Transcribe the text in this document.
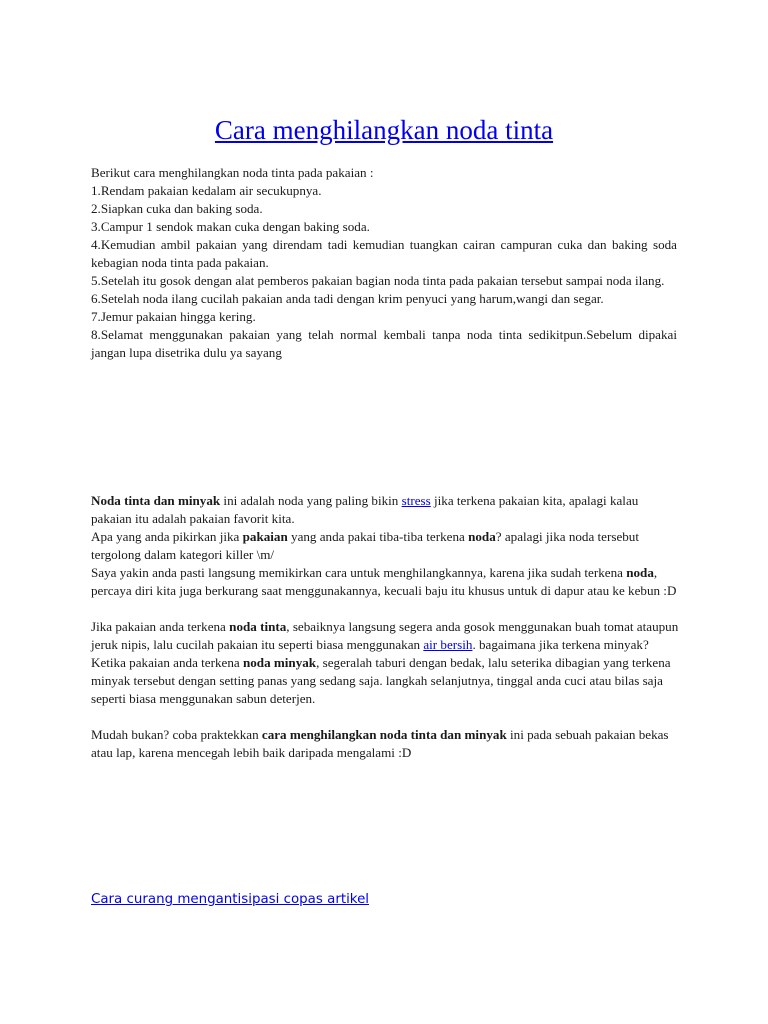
Cara menghilangkan noda tinta

Berikut cara menghilangkan noda tinta pada pakaian :

1.Rendam pakaian kedalam air secukupnya.

2.Siapkan cuka dan baking soda.

3.Campur 1 sendok makan cuka dengan baking soda.

4.Kemudian ambil pakaian yang direndam tadi kemudian tuangkan cairan campuran cuka dan baking soda kebagian noda tinta pada pakaian.

5.Setelah itu gosok dengan alat pemberos pakaian bagian noda tinta pada pakaian tersebut sampai noda ilang.

6.Setelah noda ilang cucilah pakaian anda tadi dengan krim penyuci yang harum,wangi dan segar.

7.Jemur pakaian hingga kering.

8.Selamat menggunakan pakaian yang telah normal kembali tanpa noda tinta sedikitpun.Sebelum dipakai jangan lupa disetrika dulu ya sayang

Noda tinta dan minyak ini adalah noda yang paling bikin stress jika terkena pakaian kita, apalagi kalau pakaian itu adalah pakaian favorit kita.

Apa yang anda pikirkan jika pakaian yang anda pakai tiba-tiba terkena noda? apalagi jika noda tersebut tergolong dalam kategori killer \m/

Saya yakin anda pasti langsung memikirkan cara untuk menghilangkannya, karena jika sudah terkena noda, percaya diri kita juga berkurang saat menggunakannya, kecuali baju itu khusus untuk di dapur atau ke kebun :D

Jika pakaian anda terkena noda tinta, sebaiknya langsung segera anda gosok menggunakan buah tomat ataupun jeruk nipis, lalu cucilah pakaian itu seperti biasa menggunakan air bersih. bagaimana jika terkena minyak?

Ketika pakaian anda terkena noda minyak, segeralah taburi dengan bedak, lalu seterika dibagian yang terkena minyak tersebut dengan setting panas yang sedang saja. langkah selanjutnya, tinggal anda cuci atau bilas saja seperti biasa menggunakan sabun deterjen.

Mudah bukan? coba praktekkan cara menghilangkan noda tinta dan minyak ini pada sebuah pakaian bekas atau lap, karena mencegah lebih baik daripada mengalami :D

Cara curang mengantisipasi copas artikel
